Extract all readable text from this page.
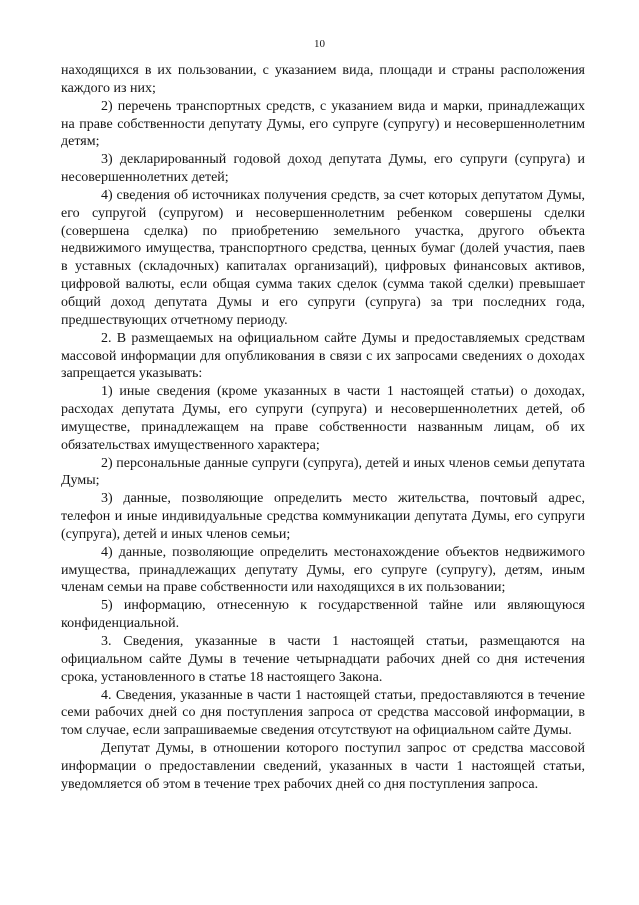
10

находящихся в их пользовании, с указанием вида, площади и страны расположения каждого из них;

2) перечень транспортных средств, с указанием вида и марки, принадлежащих на праве собственности депутату Думы, его супруге (супругу) и несовершеннолетним детям;

3) декларированный годовой доход депутата Думы, его супруги (супруга) и несовершеннолетних детей;

4) сведения об источниках получения средств, за счет которых депутатом Думы, его супругой (супругом) и несовершеннолетним ребенком совершены сделки (совершена сделка) по приобретению земельного участка, другого объекта недвижимого имущества, транспортного средства, ценных бумаг (долей участия, паев в уставных (складочных) капиталах организаций), цифровых финансовых активов, цифровой валюты, если общая сумма таких сделок (сумма такой сделки) превышает общий доход депутата Думы и его супруги (супруга) за три последних года, предшествующих отчетному периоду.

2. В размещаемых на официальном сайте Думы и предоставляемых средствам массовой информации для опубликования в связи с их запросами сведениях о доходах запрещается указывать:

1) иные сведения (кроме указанных в части 1 настоящей статьи) о доходах, расходах депутата Думы, его супруги (супруга) и несовершеннолетних детей, об имуществе, принадлежащем на праве собственности названным лицам, об их обязательствах имущественного характера;

2) персональные данные супруги (супруга), детей и иных членов семьи депутата Думы;

3) данные, позволяющие определить место жительства, почтовый адрес, телефон и иные индивидуальные средства коммуникации депутата Думы, его супруги (супруга), детей и иных членов семьи;

4) данные, позволяющие определить местонахождение объектов недвижимого имущества, принадлежащих депутату Думы, его супруге (супругу), детям, иным членам семьи на праве собственности или находящихся в их пользовании;

5) информацию, отнесенную к государственной тайне или являющуюся конфиденциальной.

3. Сведения, указанные в части 1 настоящей статьи, размещаются на официальном сайте Думы в течение четырнадцати рабочих дней со дня истечения срока, установленного в статье 18 настоящего Закона.

4. Сведения, указанные в части 1 настоящей статьи, предоставляются в течение семи рабочих дней со дня поступления запроса от средства массовой информации, в том случае, если запрашиваемые сведения отсутствуют на официальном сайте Думы.

Депутат Думы, в отношении которого поступил запрос от средства массовой информации о предоставлении сведений, указанных в части 1 настоящей статьи, уведомляется об этом в течение трех рабочих дней со дня поступления запроса.
